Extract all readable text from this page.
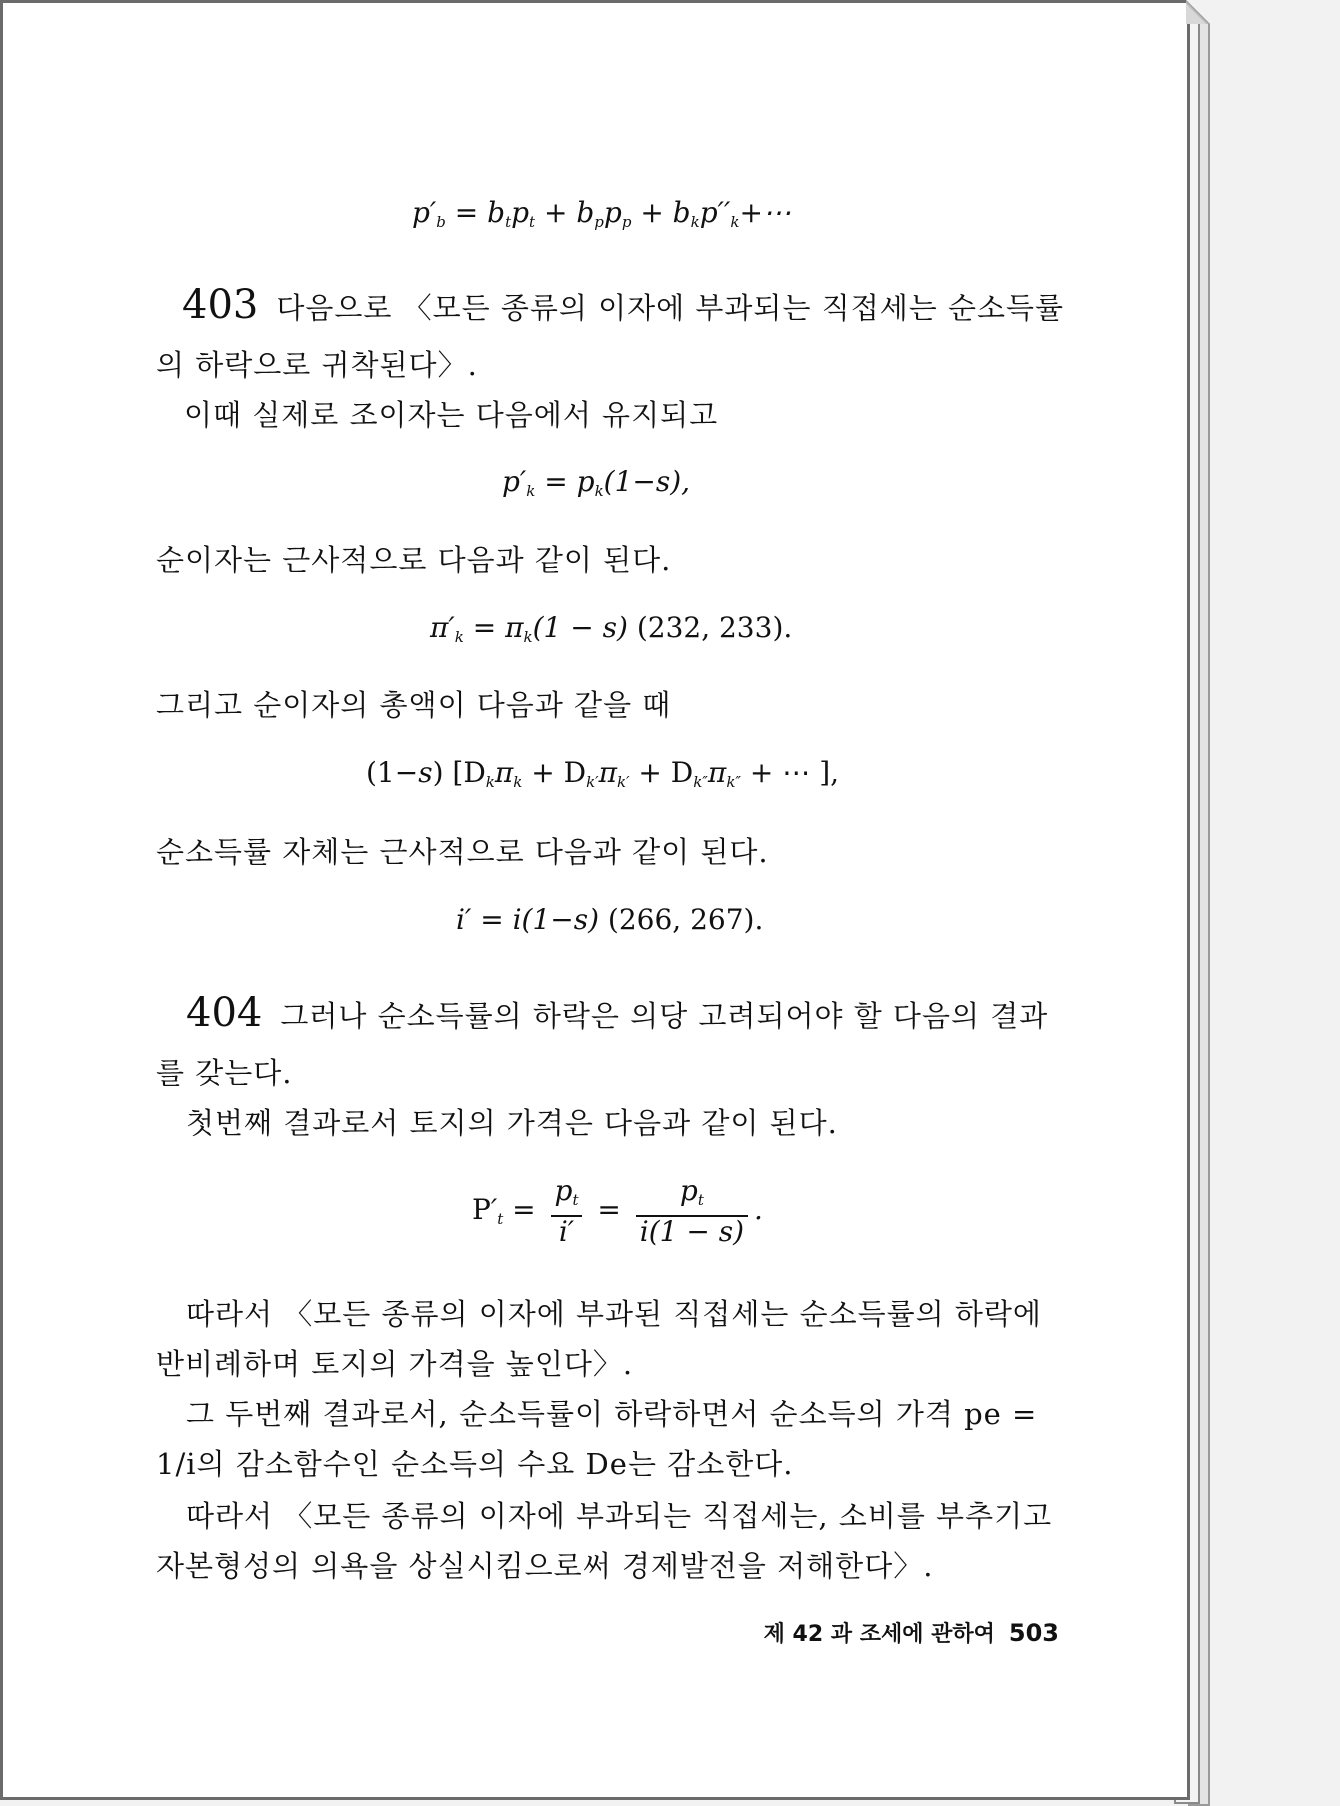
$p'_b = b_tp_t + b_pp_p$ + $b_kp''_k+\cdots$
403 다음으로 〈모든 종류의 이자에 부과되는 직접세는 순소득률
의 하락으로 귀착된다〉.
이때 실제로 조이자는 다음에서 유지되고
$p'_k = p_k(1-s)$,
순이자는 근사적으로 다음과 같이 된다.
$\pi'_k = \pi_k(1 - s)$ (232, 233).
그리고 순이자의 총액이 다음과 같을 때
(1−s) [$D_k\pi_k + D_{k'}\pi_{k'} + D_{k''}\pi_{k''}$ + ⋯ ],
순소득률 자체는 근사적으로 다음과 같이 된다.
i′ = i(1−s) (266, 267).
404 그러나 순소득률의 하락은 의당 고려되어야 할 다음의 결과
를 갖는다.
첫번째 결과로서 토지의 가격은 다음과 같이 된다.
$P'_t = \frac{p_t}{i'} = \frac{p_t}{i(1 - s)}$ .
따라서 〈모든 종류의 이자에 부과된 직접세는 순소득률의 하락에
반비례하며 토지의 가격을 높인다〉.
그 두번째 결과로서, 순소득률이 하락하면서 순소득의 가격 pe =
1/i의 감소함수인 순소득의 수요 De는 감소한다.
따라서 〈모든 종류의 이자에 부과되는 직접세는, 소비를 부추기고
자본형성의 의욕을 상실시킴으로써 경제발전을 저해한다〉.
제 42 과 조세에 관하여 503
